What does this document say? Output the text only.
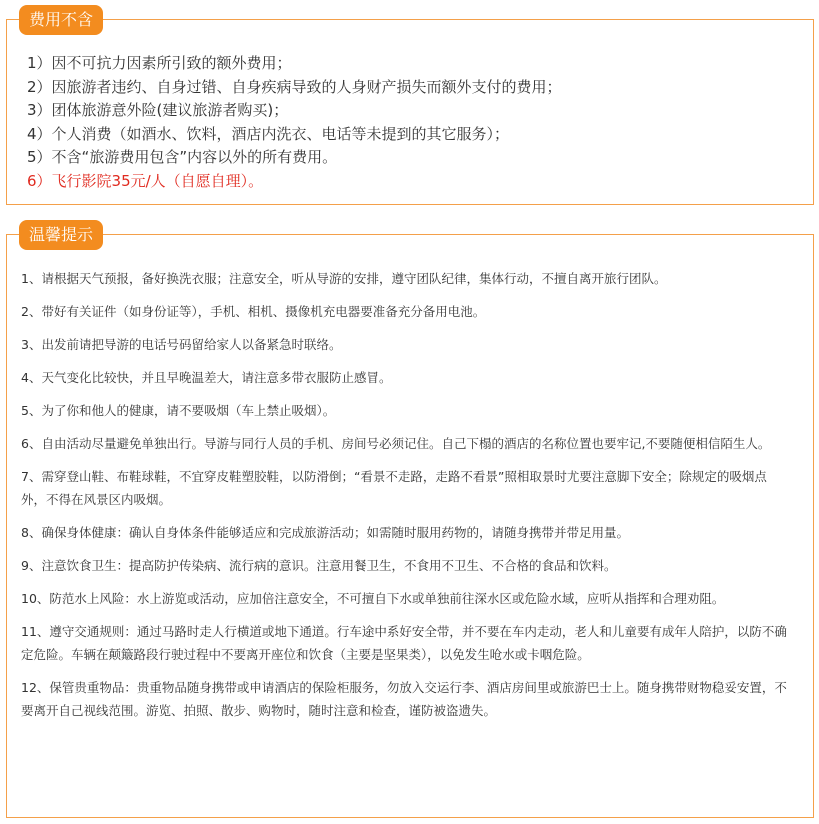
费用不含
1）因不可抗力因素所引致的额外费用；
2）因旅游者违约、自身过错、自身疾病导致的人身财产损失而额外支付的费用；
3）团体旅游意外险(建议旅游者购买)；
4）个人消费（如酒水、饮料，酒店内洗衣、电话等未提到的其它服务）；
5）不含“旅游费用包含”内容以外的所有费用。
6）飞行影院35元/人（自愿自理）。
温馨提示
1、请根据天气预报，备好换洗衣服；注意安全，听从导游的安排，遵守团队纪律，集体行动，不擅自离开旅行团队。
2、带好有关证件（如身份证等），手机、相机、摄像机充电器要准备充分备用电池。
3、出发前请把导游的电话号码留给家人以备紧急时联络。
4、天气变化比较快，并且早晚温差大，请注意多带衣服防止感冒。
5、为了你和他人的健康，请不要吸烟（车上禁止吸烟）。
6、自由活动尽量避免单独出行。导游与同行人员的手机、房间号必须记住。自己下榻的酒店的名称位置也要牢记,不要随便相信陌生人。
7、需穿登山鞋、布鞋球鞋，不宜穿皮鞋塑胶鞋，以防滑倒；“看景不走路，走路不看景”照相取景时尤要注意脚下安全；除规定的吸烟点外，不得在风景区内吸烟。
8、确保身体健康：确认自身体条件能够适应和完成旅游活动；如需随时服用药物的，请随身携带并带足用量。
9、注意饮食卫生：提高防护传染病、流行病的意识。注意用餐卫生，不食用不卫生、不合格的食品和饮料。
10、防范水上风险：水上游览或活动，应加倍注意安全，不可擅自下水或单独前往深水区或危险水域，应听从指挥和合理劝阻。
11、遵守交通规则：通过马路时走人行横道或地下通道。行车途中系好安全带，并不要在车内走动，老人和儿童要有成年人陪护，以防不确定危险。车辆在颠簸路段行驶过程中不要离开座位和饮食（主要是坚果类），以免发生呛水或卡咽危险。
12、保管贵重物品：贵重物品随身携带或申请酒店的保险柜服务，勿放入交运行李、酒店房间里或旅游巴士上。随身携带财物稳妥安置，不要离开自己视线范围。游览、拍照、散步、购物时，随时注意和检查，谨防被盗遗失。
